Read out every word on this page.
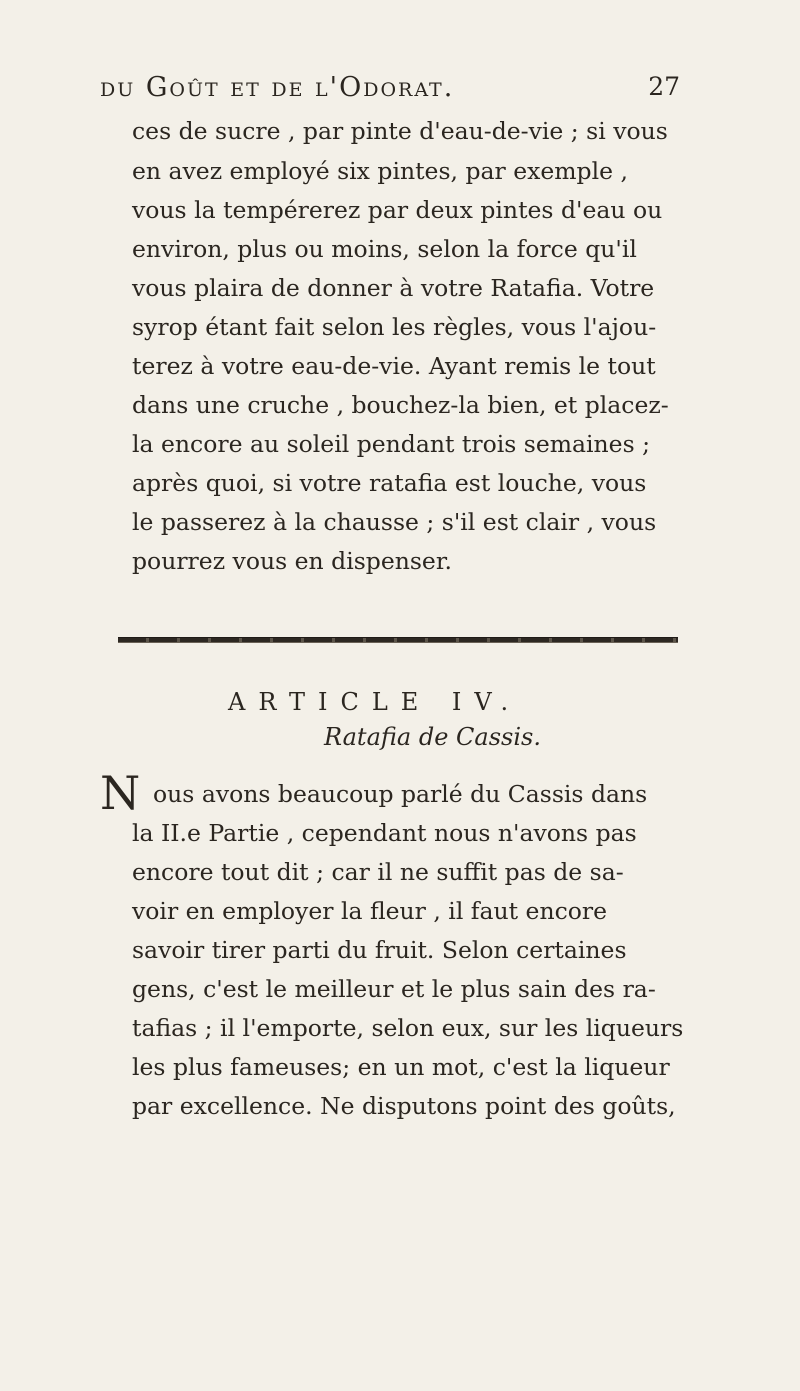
du Goût et de l'Odorat.	27
ces de sucre , par pinte d'eau-de-vie ; si vous
en avez employé six pintes, par exemple ,
vous la tempérerez par deux pintes d'eau ou
environ, plus ou moins, selon la force qu'il
vous plaira de donner à votre Ratafia. Votre
syrop étant fait selon les règles, vous l'ajou-
terez à votre eau-de-vie. Ayant remis le tout
dans une cruche , bouchez-la bien, et placez-
la encore au soleil pendant trois semaines ;
après quoi, si votre ratafia est louche, vous
le passerez à la chausse ; s'il est clair , vous
pourrez vous en dispenser.
ARTICLE IV.
Ratafia de Cassis.
N ous avons beaucoup parlé du Cassis dans
la II.e Partie , cependant nous n'avons pas
encore tout dit ; car il ne suffit pas de sa-
voir en employer la fleur , il faut encore
savoir tirer parti du fruit. Selon certaines
gens, c'est le meilleur et le plus sain des ra-
tafias ; il l'emporte, selon eux, sur les liqueurs
les plus fameuses; en un mot, c'est la liqueur
par excellence. Ne disputons point des goûts,
